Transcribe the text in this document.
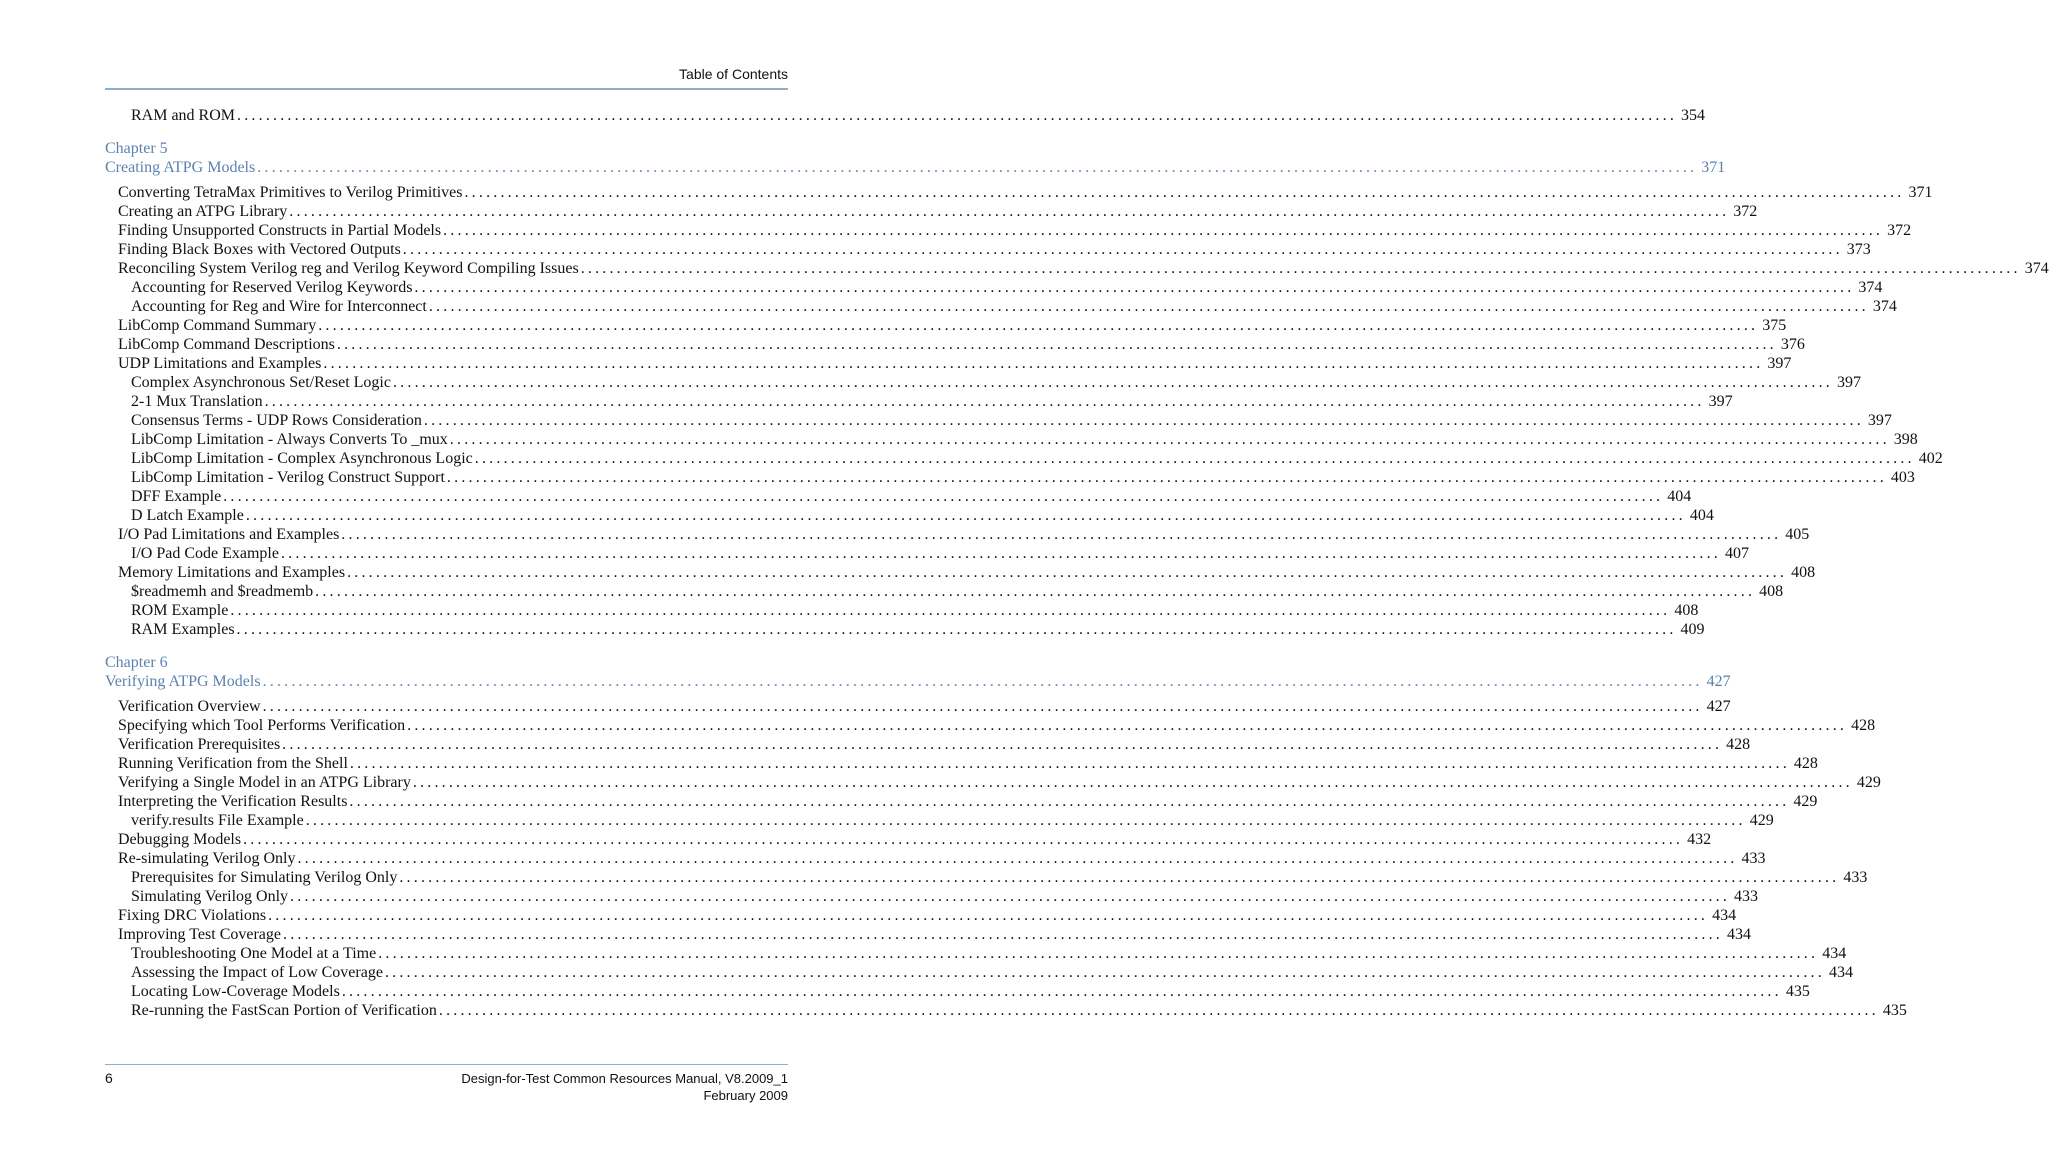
Table of Contents
RAM and ROM ........................................................................................................................................................................................................ 354
Chapter 5
Creating ATPG Models ........................................................................................................................................................................................................ 371
Converting TetraMax Primitives to Verilog Primitives ........................................................................................................................................................................................................ 371
Creating an ATPG Library ........................................................................................................................................................................................................ 372
Finding Unsupported Constructs in Partial Models ........................................................................................................................................................................................................ 372
Finding Black Boxes with Vectored Outputs ........................................................................................................................................................................................................ 373
Reconciling System Verilog reg and Verilog Keyword Compiling Issues ........................................................................................................................................................................................................ 374
Accounting for Reserved Verilog Keywords ........................................................................................................................................................................................................ 374
Accounting for Reg and Wire for Interconnect ........................................................................................................................................................................................................ 374
LibComp Command Summary ........................................................................................................................................................................................................ 375
LibComp Command Descriptions ........................................................................................................................................................................................................ 376
UDP Limitations and Examples ........................................................................................................................................................................................................ 397
Complex Asynchronous Set/Reset Logic ........................................................................................................................................................................................................ 397
2-1 Mux Translation ........................................................................................................................................................................................................ 397
Consensus Terms - UDP Rows Consideration ........................................................................................................................................................................................................ 397
LibComp Limitation - Always Converts To _mux ........................................................................................................................................................................................................ 398
LibComp Limitation - Complex Asynchronous Logic ........................................................................................................................................................................................................ 402
LibComp Limitation - Verilog Construct Support ........................................................................................................................................................................................................ 403
DFF Example ........................................................................................................................................................................................................ 404
D Latch Example ........................................................................................................................................................................................................ 404
I/O Pad Limitations and Examples ........................................................................................................................................................................................................ 405
I/O Pad Code Example ........................................................................................................................................................................................................ 407
Memory Limitations and Examples ........................................................................................................................................................................................................ 408
$readmemh and $readmemb ........................................................................................................................................................................................................ 408
ROM Example ........................................................................................................................................................................................................ 408
RAM Examples ........................................................................................................................................................................................................ 409
Chapter 6
Verifying ATPG Models ........................................................................................................................................................................................................ 427
Verification Overview ........................................................................................................................................................................................................ 427
Specifying which Tool Performs Verification ........................................................................................................................................................................................................ 428
Verification Prerequisites ........................................................................................................................................................................................................ 428
Running Verification from the Shell ........................................................................................................................................................................................................ 428
Verifying a Single Model in an ATPG Library ........................................................................................................................................................................................................ 429
Interpreting the Verification Results ........................................................................................................................................................................................................ 429
verify.results File Example ........................................................................................................................................................................................................ 429
Debugging Models ........................................................................................................................................................................................................ 432
Re-simulating Verilog Only ........................................................................................................................................................................................................ 433
Prerequisites for Simulating Verilog Only ........................................................................................................................................................................................................ 433
Simulating Verilog Only ........................................................................................................................................................................................................ 433
Fixing DRC Violations ........................................................................................................................................................................................................ 434
Improving Test Coverage ........................................................................................................................................................................................................ 434
Troubleshooting One Model at a Time ........................................................................................................................................................................................................ 434
Assessing the Impact of Low Coverage ........................................................................................................................................................................................................ 434
Locating Low-Coverage Models ........................................................................................................................................................................................................ 435
Re-running the FastScan Portion of Verification ........................................................................................................................................................................................................ 435
6	Design-for-Test Common Resources Manual, V8.2009_1
February 2009
